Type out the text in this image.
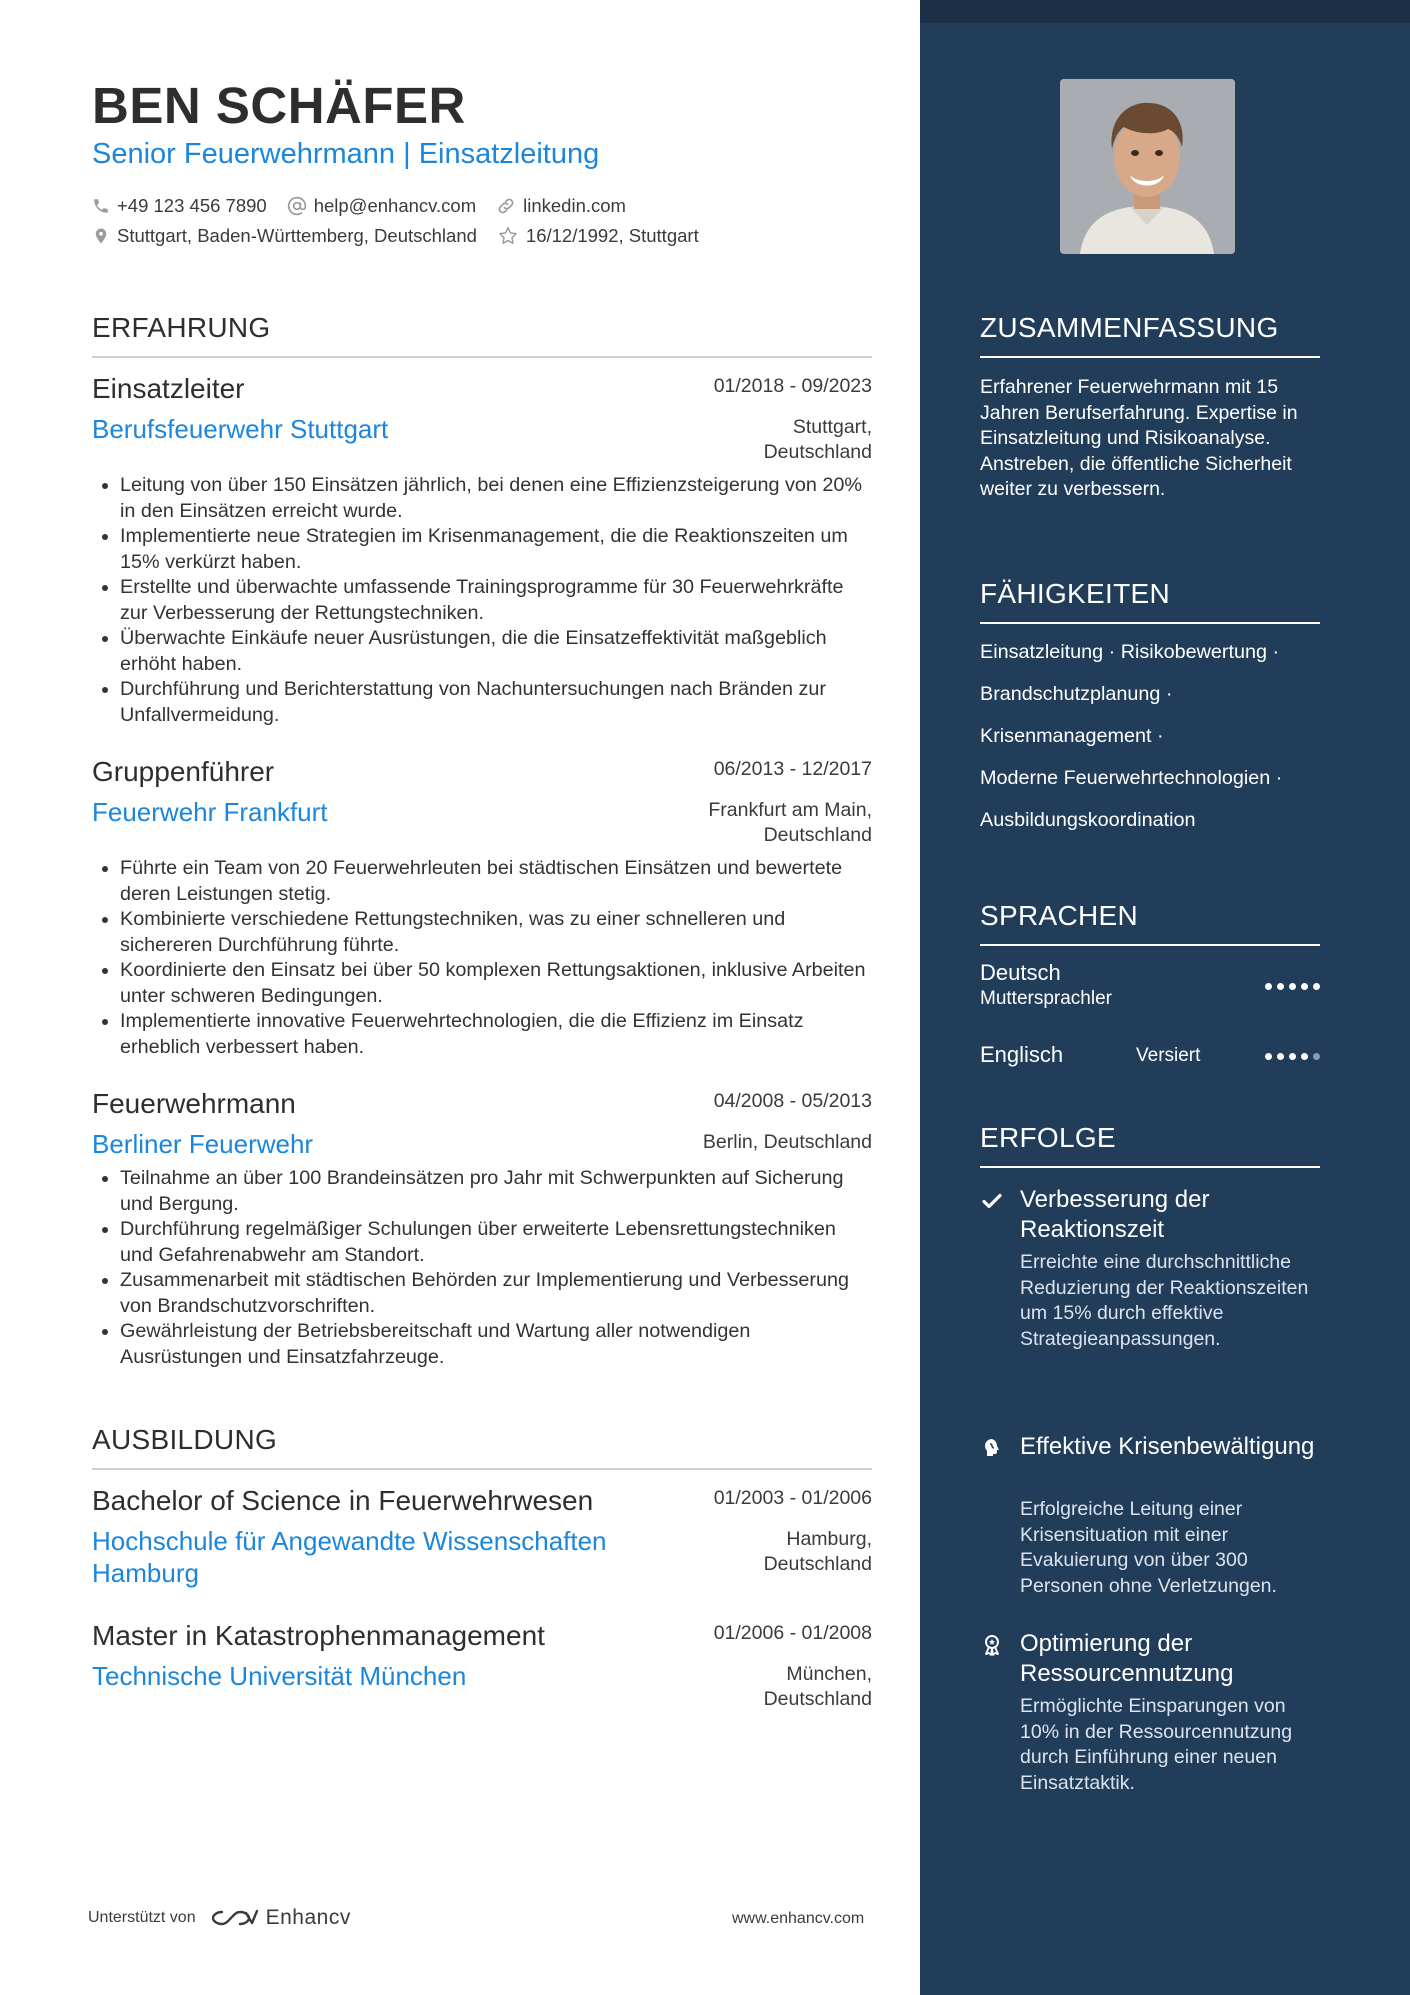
BEN SCHÄFER
Senior Feuerwehrmann | Einsatzleitung
+49 123 456 7890	help@enhancv.com	linkedin.com
Stuttgart, Baden-Württemberg, Deutschland	16/12/1992, Stuttgart
ERFAHRUNG
Einsatzleiter	01/2018 - 09/2023
Berufsfeuerwehr Stuttgart	Stuttgart, Deutschland
• Leitung von über 150 Einsätzen jährlich, bei denen eine Effizienzsteigerung von 20% in den Einsätzen erreicht wurde.
• Implementierte neue Strategien im Krisenmanagement, die die Reaktionszeiten um 15% verkürzt haben.
• Erstellte und überwachte umfassende Trainingsprogramme für 30 Feuerwehrkräfte zur Verbesserung der Rettungstechniken.
• Überwachte Einkäufe neuer Ausrüstungen, die die Einsatzeffektivität maßgeblich erhöht haben.
• Durchführung und Berichterstattung von Nachuntersuchungen nach Bränden zur Unfallvermeidung.
Gruppenführer	06/2013 - 12/2017
Feuerwehr Frankfurt	Frankfurt am Main, Deutschland
• Führte ein Team von 20 Feuerwehrleuten bei städtischen Einsätzen und bewertete deren Leistungen stetig.
• Kombinierte verschiedene Rettungstechniken, was zu einer schnelleren und sichereren Durchführung führte.
• Koordinierte den Einsatz bei über 50 komplexen Rettungsaktionen, inklusive Arbeiten unter schweren Bedingungen.
• Implementierte innovative Feuerwehrtechnologien, die die Effizienz im Einsatz erheblich verbessert haben.
Feuerwehrmann	04/2008 - 05/2013
Berliner Feuerwehr	Berlin, Deutschland
• Teilnahme an über 100 Brandeinsätzen pro Jahr mit Schwerpunkten auf Sicherung und Bergung.
• Durchführung regelmäßiger Schulungen über erweiterte Lebensrettungstechniken und Gefahrenabwehr am Standort.
• Zusammenarbeit mit städtischen Behörden zur Implementierung und Verbesserung von Brandschutzvorschriften.
• Gewährleistung der Betriebsbereitschaft und Wartung aller notwendigen Ausrüstungen und Einsatzfahrzeuge.
AUSBILDUNG
Bachelor of Science in Feuerwehrwesen	01/2003 - 01/2006
Hochschule für Angewandte Wissenschaften Hamburg
Hamburg, Deutschland
Master in Katastrophenmanagement	01/2006 - 01/2008
Technische Universität München	München, Deutschland
Unterstützt von	Enhancv	www.enhancv.com
ZUSAMMENFASSUNG

Erfahrener Feuerwehrmann mit 15 Jahren Berufserfahrung. Expertise in Einsatzleitung und Risikoanalyse. Anstreben, die öffentliche Sicherheit weiter zu verbessern.

FÄHIGKEITEN
Einsatzleitung · Risikobewertung ·
Brandschutzplanung ·
Krisenmanagement ·
Moderne Feuerwehrtechnologien ·
Ausbildungskoordination
SPRACHEN
Deutsch
Muttersprachler
Englisch	Versiert
ERFOLGE
Verbesserung der Reaktionszeit
Erreichte eine durchschnittliche Reduzierung der Reaktionszeiten um 15% durch effektive Strategieanpassungen.
Effektive Krisenbewältigung
Erfolgreiche Leitung einer Krisensituation mit einer Evakuierung von über 300 Personen ohne Verletzungen.
Optimierung der Ressourcennutzung
Ermöglichte Einsparungen von 10% in der Ressourcennutzung durch Einführung einer neuen Einsatztaktik.
